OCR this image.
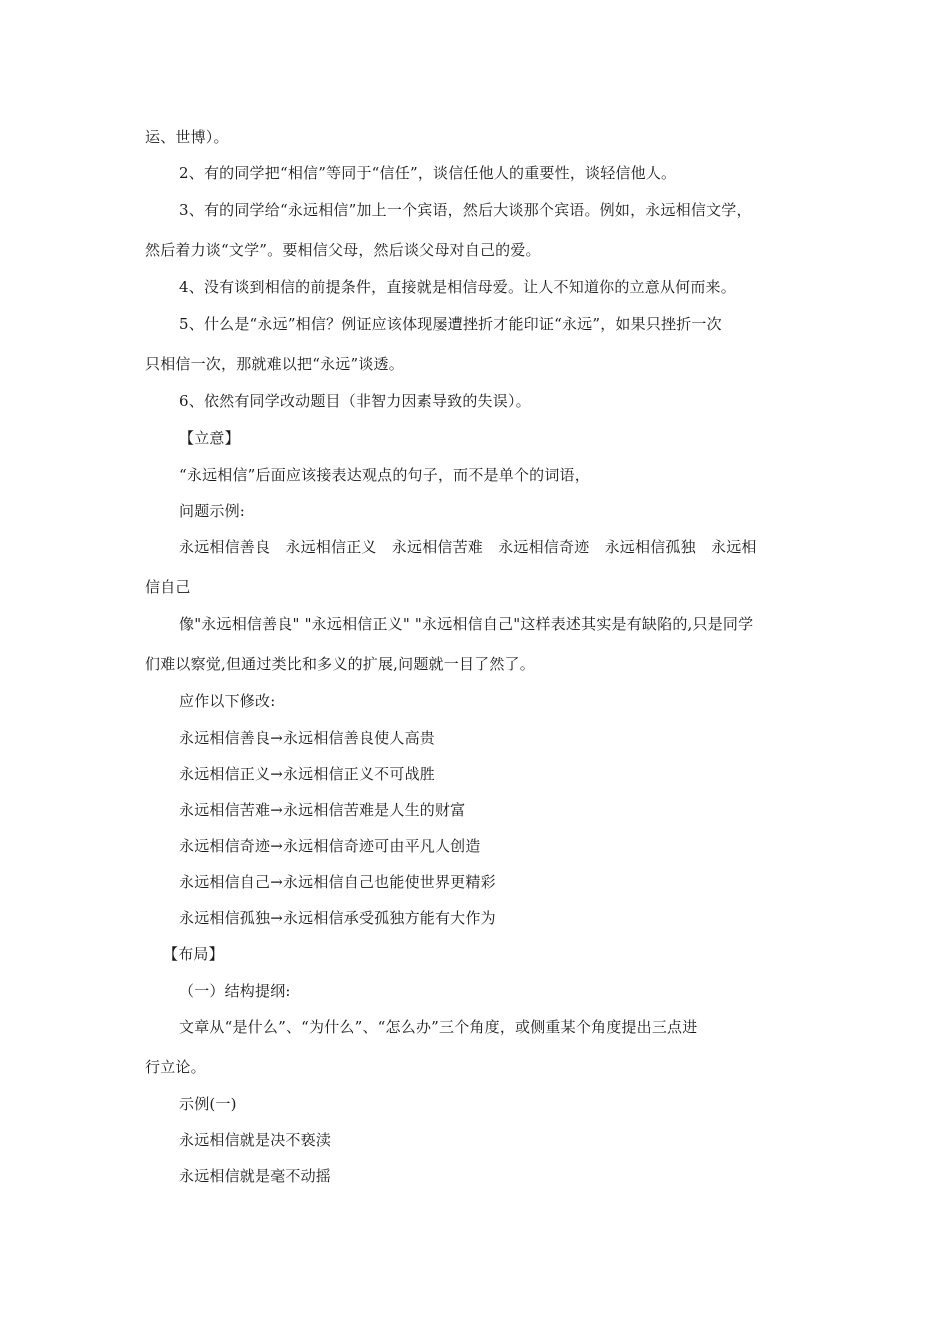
运、世博）。
2、有的同学把“相信”等同于“信任”，谈信任他人的重要性，谈轻信他人。
3、有的同学给“永远相信”加上一个宾语，然后大谈那个宾语。例如，永远相信文学，
然后着力谈“文学”。要相信父母，然后谈父母对自己的爱。
4、没有谈到相信的前提条件，直接就是相信母爱。让人不知道你的立意从何而来。
5、什么是“永远”相信？例证应该体现屡遭挫折才能印证“永远”，如果只挫折一次
只相信一次，那就难以把“永远”谈透。
6、依然有同学改动题目（非智力因素导致的失误）。
【立意】
“永远相信”后面应该接表达观点的句子，而不是单个的词语，
问题示例:
永远相信善良　永远相信正义　永远相信苦难　永远相信奇迹　永远相信孤独　永远相
信自己
像"永远相信善良" "永远相信正义" "永远相信自己"这样表述其实是有缺陷的,只是同学
们难以察觉,但通过类比和多义的扩展,问题就一目了然了。
应作以下修改:
永远相信善良→永远相信善良使人高贵
永远相信正义→永远相信正义不可战胜
永远相信苦难→永远相信苦难是人生的财富
永远相信奇迹→永远相信奇迹可由平凡人创造
永远相信自己→永远相信自己也能使世界更精彩
永远相信孤独→永远相信承受孤独方能有大作为
【布局】
（一）结构提纲:
文章从“是什么”、“为什么”、“怎么办”三个角度，或侧重某个角度提出三点进
行立论。
示例(一)
永远相信就是决不亵渎
永远相信就是毫不动摇
